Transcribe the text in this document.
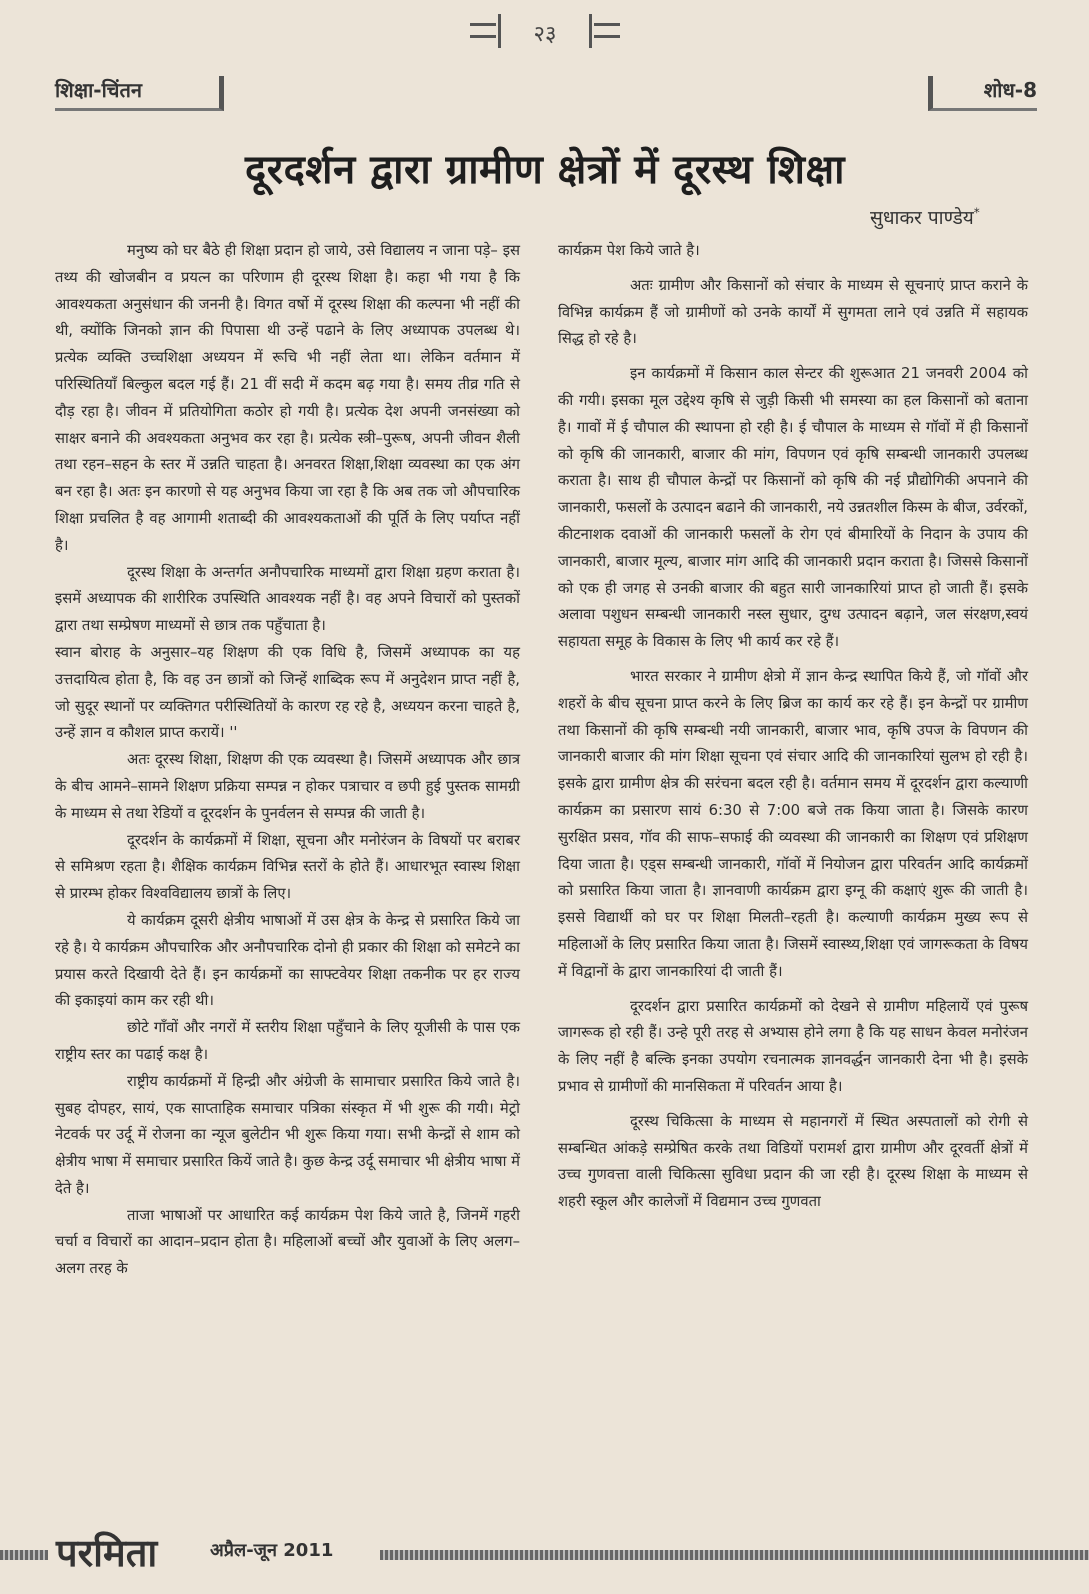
२३
शिक्षा-चिंतन	शोध-8
दूरदर्शन द्वारा ग्रामीण क्षेत्रों में दूरस्थ शिक्षा
सुधाकर पाण्डेय*

मनुष्य को घर बैठे ही शिक्षा प्रदान हो जाये, उसे विद्यालय न जाना पड़े– इस तथ्य की खोजबीन व प्रयत्न का परिणाम ही दूरस्थ शिक्षा है। कहा भी गया है कि आवश्यकता अनुसंधान की जननी है। विगत वर्षो में दूरस्थ शिक्षा की कल्पना भी नहीं की थी, क्योंकि जिनको ज्ञान की पिपासा थी उन्हें पढाने के लिए अध्यापक उपलब्ध थे। प्रत्येक व्यक्ति उच्चशिक्षा अध्ययन में रूचि भी नहीं लेता था। लेकिन वर्तमान में परिस्थितियाँ बिल्कुल बदल गई हैं। 21 वीं सदी में कदम बढ़ गया है। समय तीव्र गति से दौड़ रहा है। जीवन में प्रतियोगिता कठोर हो गयी है। प्रत्येक देश अपनी जनसंख्या को साक्षर बनाने की अवश्यकता अनुभव कर रहा है। प्रत्येक स्त्री–पुरूष, अपनी जीवन शैली तथा रहन–सहन के स्तर में उन्नति चाहता है। अनवरत शिक्षा,शिक्षा व्यवस्था का एक अंग बन रहा है। अतः इन कारणो से यह अनुभव किया जा रहा है कि अब तक जो औपचारिक शिक्षा प्रचलित है वह आगामी शताब्दी की आवश्यकताओं की पूर्ति के लिए पर्याप्त नहीं है।

दूरस्थ शिक्षा के अन्तर्गत अनौपचारिक माध्यमों द्वारा शिक्षा ग्रहण कराता है। इसमें अध्यापक की शारीरिक उपस्थिति आवश्यक नहीं है। वह अपने विचारों को पुस्तकों द्वारा तथा सम्प्रेषण माध्यमों से छात्र तक पहुँचाता है।

स्वान बोराह के अनुसार–यह शिक्षण की एक विधि है, जिसमें अध्यापक का यह उत्तदायित्व होता है, कि वह उन छात्रों को जिन्हें शाब्दिक रूप में अनुदेशन प्राप्त नहीं है, जो सुदूर स्थानों पर व्यक्तिगत परीस्थितियों के कारण रह रहे है, अध्ययन करना चाहते है, उन्हें ज्ञान व कौशल प्राप्त करायें। ''

अतः दूरस्थ शिक्षा, शिक्षण की एक व्यवस्था है। जिसमें अध्यापक और छात्र के बीच आमने–सामने शिक्षण प्रक्रिया सम्पन्न न होकर पत्राचार व छपी हुई पुस्तक सामग्री के माध्यम से तथा रेडियों व दूरदर्शन के पुनर्वलन से सम्पन्न की जाती है।

दूरदर्शन के कार्यक्रमों में शिक्षा, सूचना और मनोरंजन के विषयों पर बराबर से समिश्रण रहता है। शैक्षिक कार्यक्रम विभिन्न स्तरों के होते हैं। आधारभूत स्वास्थ शिक्षा से प्रारम्भ होकर विश्वविद्यालय छात्रों के लिए।

ये कार्यक्रम दूसरी क्षेत्रीय भाषाओं में उस क्षेत्र के केन्द्र से प्रसारित किये जा रहे है। ये कार्यक्रम औपचारिक और अनौपचारिक दोनो ही प्रकार की शिक्षा को समेटने का प्रयास करते दिखायी देते हैं। इन कार्यक्रमों का साफ्टवेयर शिक्षा तकनीक पर हर राज्य की इकाइयां काम कर रही थी।

छोटे गाँवों और नगरों में स्तरीय शिक्षा पहुँचाने के लिए यूजीसी के पास एक राष्ट्रीय स्तर का पढाई कक्ष है।

राष्ट्रीय कार्यक्रमों में हिन्द्री और अंग्रेजी के सामाचार प्रसारित किये जाते है। सुबह दोपहर, सायं, एक साप्ताहिक समाचार पत्रिका संस्कृत में भी शुरू की गयी। मेट्रो नेटवर्क पर उर्दू में रोजना का न्यूज बुलेटीन भी शुरू किया गया। सभी केन्द्रों से शाम को क्षेत्रीय भाषा में समाचार प्रसारित कियें जाते है। कुछ केन्द्र उर्दू समाचार भी क्षेत्रीय भाषा में देते है।

ताजा भाषाओं पर आधारित कई कार्यक्रम पेश किये जाते है, जिनमें गहरी चर्चा व विचारों का आदान–प्रदान होता है। महिलाओं बच्चों और युवाओं के लिए अलग–अलग तरह के

कार्यक्रम पेश किये जाते है।

अतः ग्रामीण और किसानों को संचार के माध्यम से सूचनाएं प्राप्त कराने के विभिन्न कार्यक्रम हैं जो ग्रामीणों को उनके कार्यों में सुगमता लाने एवं उन्नति में सहायक सिद्ध हो रहे है।

इन कार्यक्रमों में किसान काल सेन्टर की शुरूआत 21 जनवरी 2004 को की गयी। इसका मूल उद्देश्य कृषि से जुड़ी किसी भी समस्या का हल किसानों को बताना है। गावों में ई चौपाल की स्थापना हो रही है। ई चौपाल के माध्यम से गॉवों में ही किसानों को कृषि की जानकारी, बाजार की मांग, विपणन एवं कृषि सम्बन्धी जानकारी उपलब्ध कराता है। साथ ही चौपाल केन्द्रों पर किसानों को कृषि की नई प्रौद्योगिकी अपनाने की जानकारी, फसलों के उत्पादन बढाने की जानकारी, नये उन्नतशील किस्म के बीज, उर्वरकों, कीटनाशक दवाओं की जानकारी फसलों के रोग एवं बीमारियों के निदान के उपाय की जानकारी, बाजार मूल्य, बाजार मांग आदि की जानकारी प्रदान कराता है। जिससे किसानों को एक ही जगह से उनकी बाजार की बहुत सारी जानकारियां प्राप्त हो जाती हैं। इसके अलावा पशुधन सम्बन्धी जानकारी नस्ल सुधार, दुग्ध उत्पादन बढ़ाने, जल संरक्षण,स्वयं सहायता समूह के विकास के लिए भी कार्य कर रहे हैं।

भारत सरकार ने ग्रामीण क्षेत्रो में ज्ञान केन्द्र स्थापित किये हैं, जो गॉवों और शहरों के बीच सूचना प्राप्त करने के लिए ब्रिज का कार्य कर रहे हैं। इन केन्द्रों पर ग्रामीण तथा किसानों की कृषि सम्बन्धी नयी जानकारी, बाजार भाव, कृषि उपज के विपणन की जानकारी बाजार की मांग शिक्षा सूचना एवं संचार आदि की जानकारियां सुलभ हो रही है। इसके द्वारा ग्रामीण क्षेत्र की सरंचना बदल रही है। वर्तमान समय में दूरदर्शन द्वारा कल्याणी कार्यक्रम का प्रसारण सायं 6:30 से 7:00 बजे तक किया जाता है। जिसके कारण सुरक्षित प्रसव, गॉव की साफ–सफाई की व्यवस्था की जानकारी का शिक्षण एवं प्रशिक्षण दिया जाता है। एड्स सम्बन्धी जानकारी, गॉवों में नियोजन द्वारा परिवर्तन आदि कार्यक्रमों को प्रसारित किया जाता है। ज्ञानवाणी कार्यक्रम द्वारा इग्नू की कक्षाएं शुरू की जाती है। इससे विद्यार्थी को घर पर शिक्षा मिलती–रहती है। कल्याणी कार्यक्रम मुख्य रूप से महिलाओं के लिए प्रसारित किया जाता है। जिसमें स्वास्थ्य,शिक्षा एवं जागरूकता के विषय में विद्वानों के द्वारा जानकारियां दी जाती हैं।

दूरदर्शन द्वारा प्रसारित कार्यक्रमों को देखने से ग्रामीण महिलायें एवं पुरूष जागरूक हो रही हैं। उन्हे पूरी तरह से अभ्यास होने लगा है कि यह साधन केवल मनोरंजन के लिए नहीं है बल्कि इनका उपयोग रचनात्मक ज्ञानवर्द्धन जानकारी देना भी है। इसके प्रभाव से ग्रामीणों की मानसिकता में परिवर्तन आया है।

दूरस्थ चिकित्सा के माध्यम से महानगरों में स्थित अस्पतालों को रोगी से सम्बन्धित आंकड़े सम्प्रेषित करके तथा विडियों परामर्श द्वारा ग्रामीण और दूरवर्ती क्षेत्रों में उच्च गुणवत्ता वाली चिकित्सा सुविधा प्रदान की जा रही है। दूरस्थ शिक्षा के माध्यम से शहरी स्कूल और कालेजों में विद्यमान उच्च गुणवता

परमिता	अप्रैल-जून 2011
